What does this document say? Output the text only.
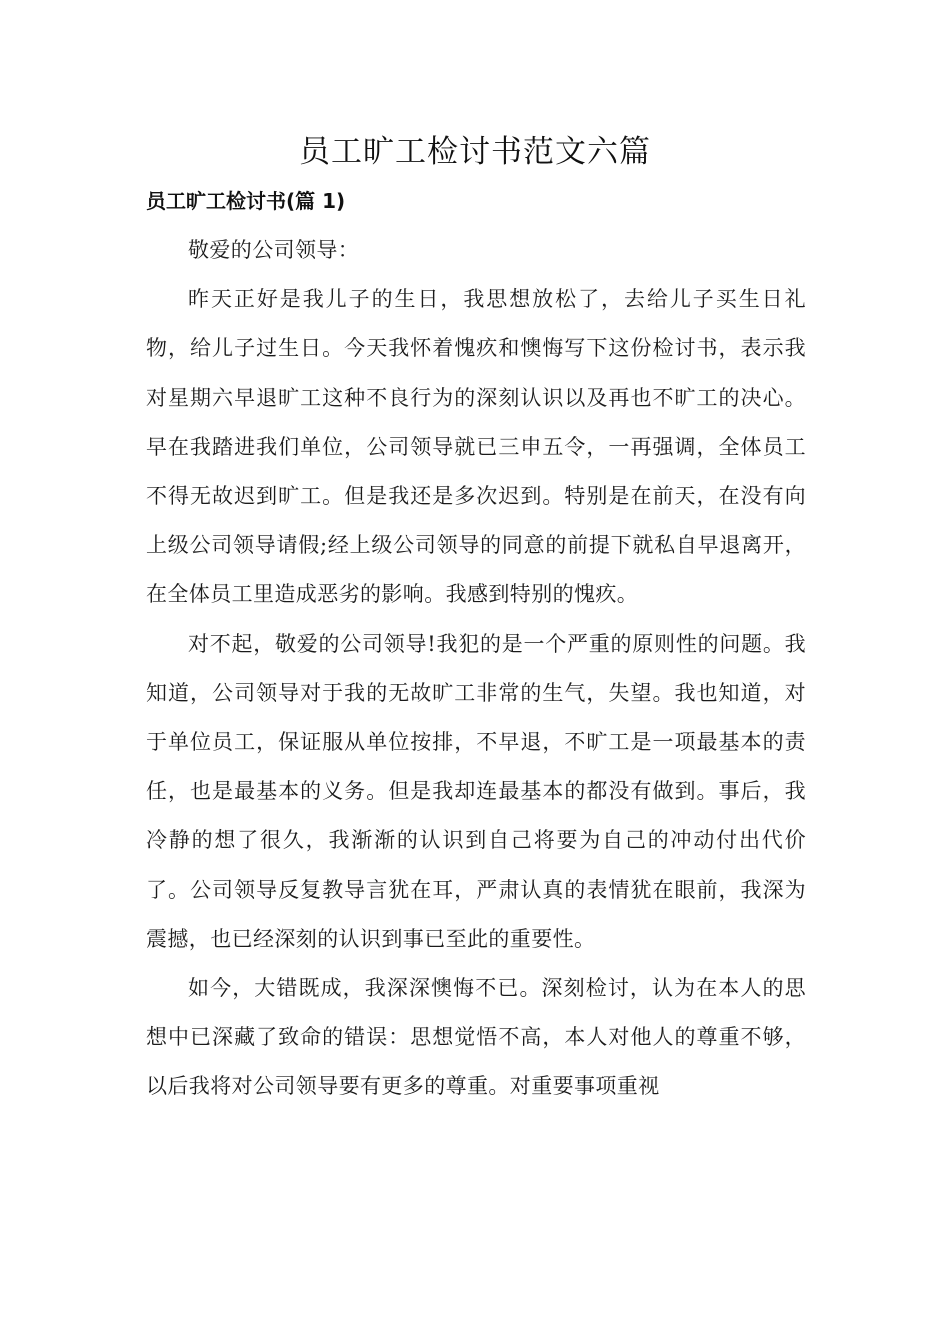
员工旷工检讨书范文六篇
员工旷工检讨书(篇 1)

敬爱的公司领导：

昨天正好是我儿子的生日，我思想放松了，去给儿子买生日礼物，给儿子过生日。今天我怀着愧疚和懊悔写下这份检讨书，表示我对星期六早退旷工这种不良行为的深刻认识以及再也不旷工的决心。早在我踏进我们单位，公司领导就已三申五令，一再强调，全体员工不得无故迟到旷工。但是我还是多次迟到。特别是在前天，在没有向上级公司领导请假;经上级公司领导的同意的前提下就私自早退离开，在全体员工里造成恶劣的影响。我感到特别的愧疚。

对不起，敬爱的公司领导!我犯的是一个严重的原则性的问题。我知道，公司领导对于我的无故旷工非常的生气，失望。我也知道，对于单位员工，保证服从单位按排，不早退，不旷工是一项最基本的责任，也是最基本的义务。但是我却连最基本的都没有做到。事后，我冷静的想了很久，我渐渐的认识到自己将要为自己的冲动付出代价了。公司领导反复教导言犹在耳，严肃认真的表情犹在眼前，我深为震撼，也已经深刻的认识到事已至此的重要性。

如今，大错既成，我深深懊悔不已。深刻检讨，认为在本人的思想中已深藏了致命的错误：思想觉悟不高，本人对他人的尊重不够，以后我将对公司领导要有更多的尊重。对重要事项重视
